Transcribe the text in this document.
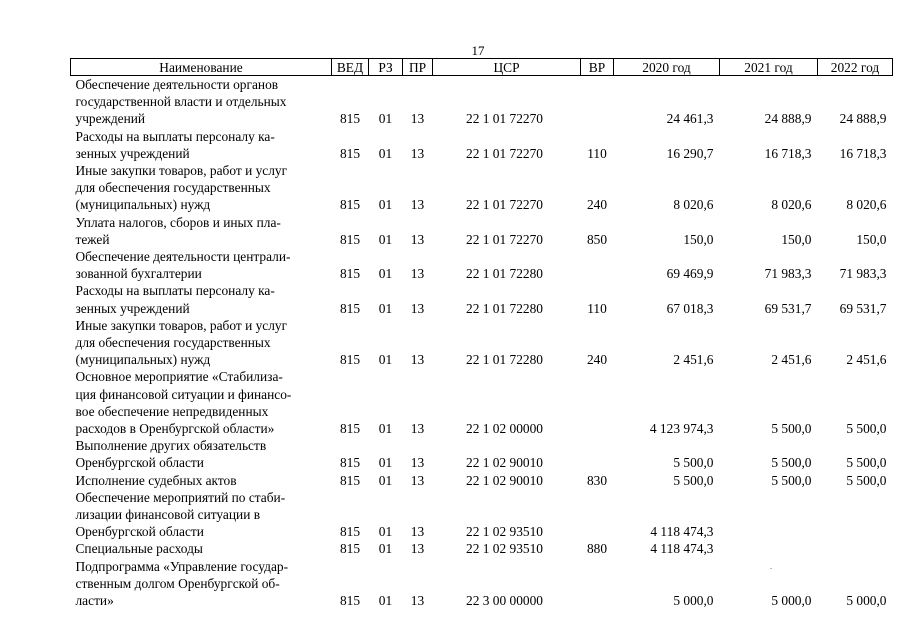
17
Наименование	ВЕД	РЗ	ПР	ЦСР	ВР	2020 год	2021 год	2022 год

Обеспечение деятельности органов
государственной власти и отдельных
учреждений	815	01	13	22 1 01 72270		24 461,3	24 888,9	24 888,9

Расходы на выплаты персоналу ка-
зенных учреждений	815	01	13	22 1 01 72270	110	16 290,7	16 718,3	16 718,3

Иные закупки товаров, работ и услуг
для обеспечения государственных
(муниципальных) нужд	815	01	13	22 1 01 72270	240	8 020,6	8 020,6	8 020,6

Уплата налогов, сборов и иных пла-
тежей	815	01	13	22 1 01 72270	850	150,0	150,0	150,0

Обеспечение деятельности централи-
зованной бухгалтерии	815	01	13	22 1 01 72280		69 469,9	71 983,3	71 983,3

Расходы на выплаты персоналу ка-
зенных учреждений	815	01	13	22 1 01 72280	110	67 018,3	69 531,7	69 531,7

Иные закупки товаров, работ и услуг
для обеспечения государственных
(муниципальных) нужд	815	01	13	22 1 01 72280	240	2 451,6	2 451,6	2 451,6

Основное мероприятие «Стабилиза-
ция финансовой ситуации и финансо-
вое обеспечение непредвиденных
расходов в Оренбургской области»	815	01	13	22 1 02 00000		4 123 974,3	5 500,0	5 500,0

Выполнение других обязательств
Оренбургской области	815	01	13	22 1 02 90010		5 500,0	5 500,0	5 500,0

Исполнение судебных актов	815	01	13	22 1 02 90010	830	5 500,0	5 500,0	5 500,0

Обеспечение мероприятий по стаби-
лизации финансовой ситуации в
Оренбургской области	815	01	13	22 1 02 93510		4 118 474,3		

Специальные расходы	815	01	13	22 1 02 93510	880	4 118 474,3		

Подпрограмма «Управление государ-
ственным долгом Оренбургской об-
ласти»	815	01	13	22 3 00 00000		5 000,0	5 000,0	5 000,0
